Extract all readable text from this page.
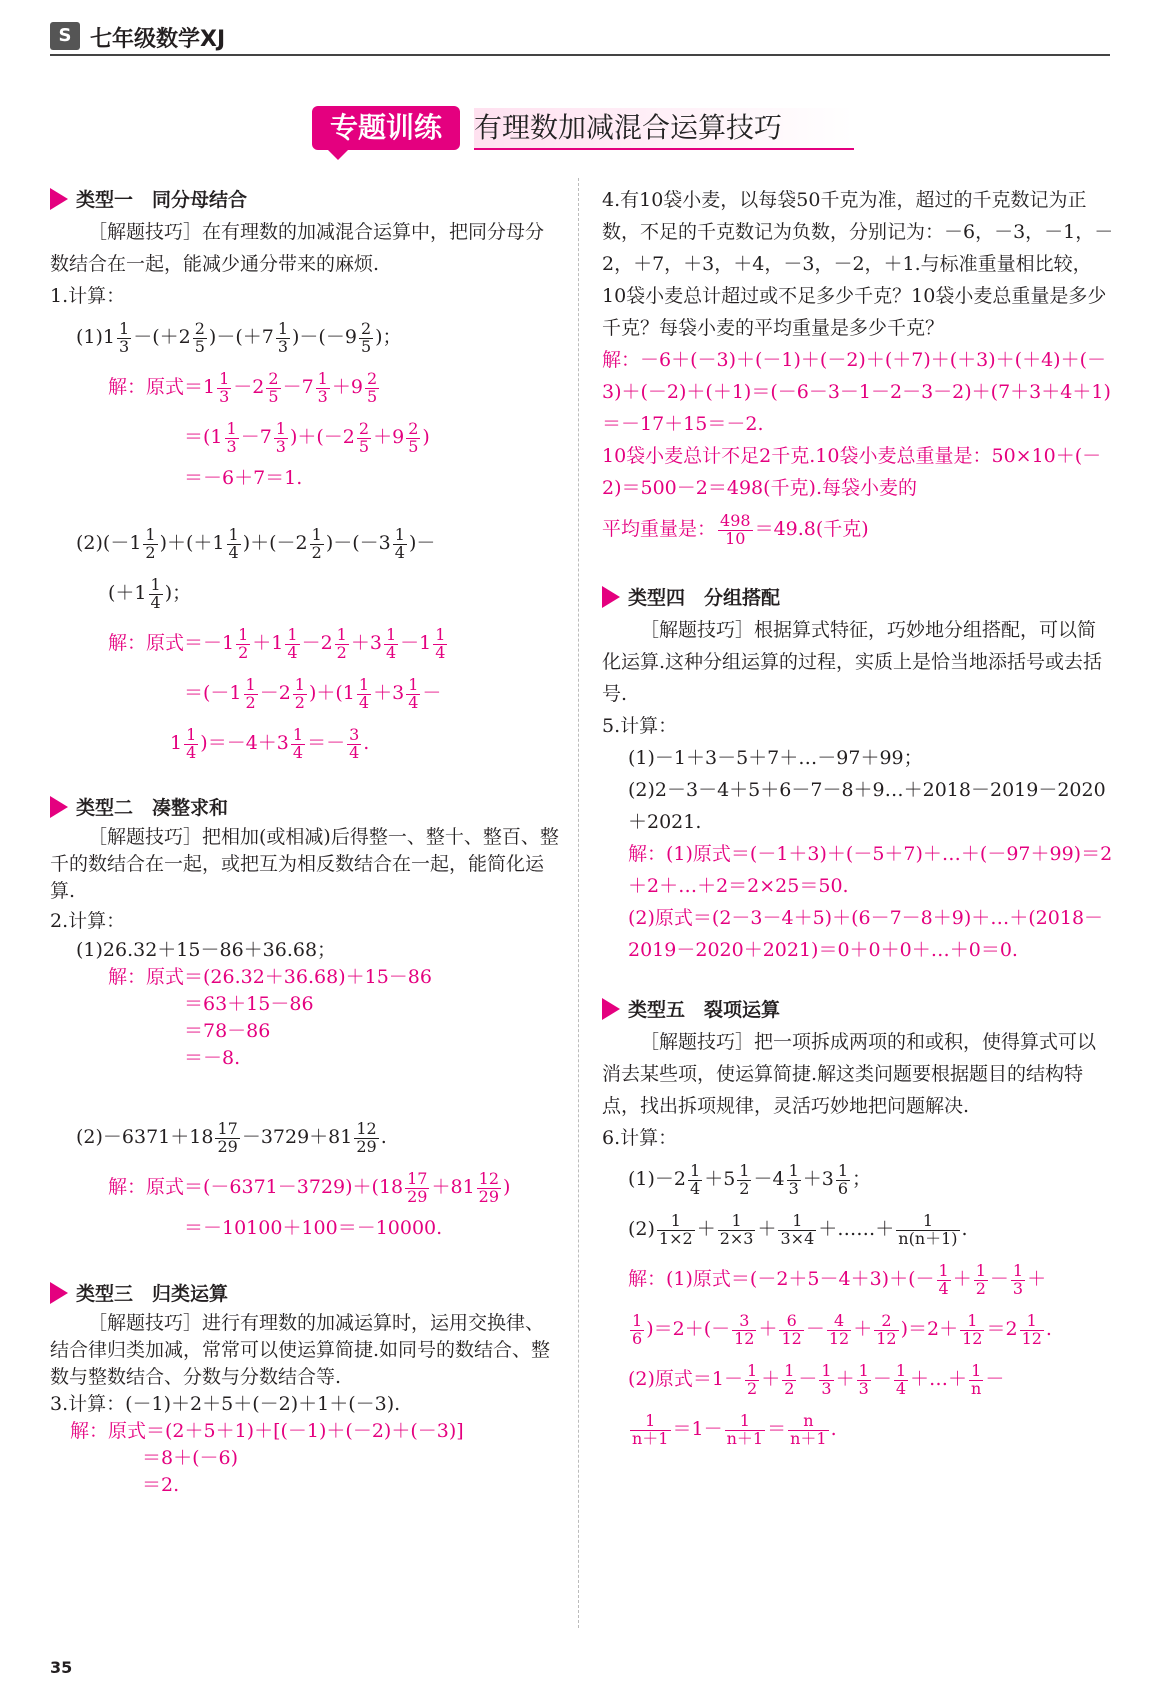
S 七年级数学XJ
专题训练	有理数加减混合运算技巧
类型一　同分母结合

［解题技巧］在有理数的加减混合运算中，把同分母分数结合在一起，能减少通分带来的麻烦.

1.计算：

$(1)1 \frac{1}{3} -(+2 \frac{2}{5} )-(+7 \frac{1}{3} )-(-9 \frac{2}{5}$ )；

解：原式$=1 \frac{1}{3} -2 \frac{2}{5} -7 \frac{1}{3} +9 \frac{2}{5}$

$=(1 \frac{1}{3} -7 \frac{1}{3} )+(-2 \frac{2}{5} +9 \frac{2}{5}$ )

＝－6＋7＝1.

$(2)(-1 \frac{1}{2} )+(+1 \frac{1}{4} )+(-2 \frac{1}{2} )-(-3 \frac{1}{4}$ )－

($+1 \frac{1}{4}$ )；

解：原式$=-1 \frac{1}{2} +1 \frac{1}{4} -2 \frac{1}{2} +3 \frac{1}{4} -1 \frac{1}{4}$

$=(-1 \frac{1}{2} -2 \frac{1}{2} )+(1 \frac{1}{4} +3 \frac{1}{4}$ －

$1 \frac{1}{4} )=-4+3 \frac{1}{4} =- \frac{3}{4}$ .

类型二　凑整求和

［解题技巧］把相加(或相减)后得整一、整十、整百、整千的数结合在一起，或把互为相反数结合在一起，能简化运算.

2.计算：

(1)26.32＋15－86＋36.68；

解：原式＝(26.32＋36.68)＋15－86

＝63＋15－86

＝78－86

＝－8.

$(2)-6371+18 \frac{17}{29} -3729+81 \frac{12}{29}$ .

解：原式$=(-6371-3729)+(18 \frac{17}{29} +81 \frac{12}{29}$ )

＝－10100＋100＝－10000.

类型三　归类运算

［解题技巧］进行有理数的加减运算时，运用交换律、结合律归类加减，常常可以使运算简捷.如同号的数结合、整数与整数结合、分数与分数结合等.

3.计算：(－1)＋2＋5＋(－2)＋1＋(－3).

解：原式＝(2＋5＋1)＋[(－1)＋(－2)＋(－3)]

＝8＋(－6)

＝2.

4.有10袋小麦，以每袋50千克为准，超过的千克数记为正数，不足的千克数记为负数，分别记为：－6，－3，－1，－2，＋7，＋3，＋4，－3，－2，＋1.与标准重量相比较，10袋小麦总计超过或不足多少千克？10袋小麦总重量是多少千克？每袋小麦的平均重量是多少千克？

解：－6＋(－3)＋(－1)＋(－2)＋(＋7)＋(＋3)＋(＋4)＋(－3)＋(－2)＋(＋1)＝(－6－3－1－2－3－2)＋(7＋3＋4＋1)＝－17＋15＝－2.

10袋小麦总计不足2千克.10袋小麦总重量是：50×10＋(－2)＝500－2＝498(千克).每袋小麦的

平均重量是： $\frac{498}{10} =49.8$(千克)

类型四　分组搭配

［解题技巧］根据算式特征，巧妙地分组搭配，可以简化运算.这种分组运算的过程，实质上是恰当地添括号或去括号.

5.计算：

(1)－1＋3－5＋7＋…－97＋99；

(2)2－3－4＋5＋6－7－8＋9…＋2018－2019－2020＋2021.

解：(1)原式＝(－1＋3)＋(－5＋7)＋…＋(－97＋99)＝2＋2＋…＋2＝2×25＝50.

(2)原式＝(2－3－4＋5)＋(6－7－8＋9)＋…＋(2018－2019－2020＋2021)＝0＋0＋0＋…＋0＝0.

类型五　裂项运算

［解题技巧］把一项拆成两项的和或积，使得算式可以消去某些项，使运算简捷.解这类问题要根据题目的结构特点，找出拆项规律，灵活巧妙地把问题解决.

6.计算：

$(1)-2 \frac{1}{4} +5 \frac{1}{2} -4 \frac{1}{3} +3 \frac{1}{6}$ ；

$(2) \frac{1}{1\times 2} + \frac{1}{2\times 3} + \frac{1}{3\times 4}$ ＋……＋ $\frac{1}{n(n+1)}$ .

解：(1)原式$=(-2+5-4+3)+(- \frac{1}{4} + \frac{1}{2} - \frac{1}{3}$ ＋

$\frac{1}{6} )=2+(- \frac{3}{12} + \frac{6}{12} - \frac{4}{12} + \frac{2}{12} )=2+ \frac{1}{12} =2 \frac{1}{12}$ .

(2)原式$=1- \frac{1}{2} + \frac{1}{2} - \frac{1}{3} + \frac{1}{3} - \frac{1}{4}$ ＋…＋ $\frac{1}{n}$ －

$\frac{1}{n+1} =1- \frac{1}{n+1} = \frac{n}{n+1}$ .

35
